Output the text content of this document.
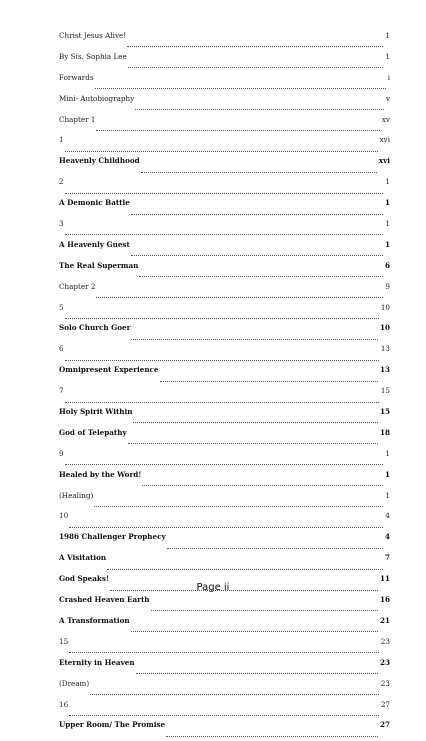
Christ Jesus Alive!	1
By Sis. Sophia Lee	1
Forwards	i
Mini- Autobiography	v
Chapter 1	xv
1	xvi
Heavenly Childhood	xvi
2	1
A Demonic Battle	1
3	1
A Heavenly Guest	1
The Real Superman	6
Chapter 2	9
5	10
Solo Church Goer	10
6	13
Omnipresent Experience	13
7	15
Holy Spirit Within	15
God of Telepathy	18
9	1
Healed by the Word!	1
(Healing)	1
10	4
1986 Challenger Prophecy	4
A Visitation	7
God Speaks!	11
Crashed Heaven Earth	16
A Transformation	21
15	23
Eternity in Heaven	23
(Dream)	23
16	27
Upper Room/ The Promise	27
Page ii
